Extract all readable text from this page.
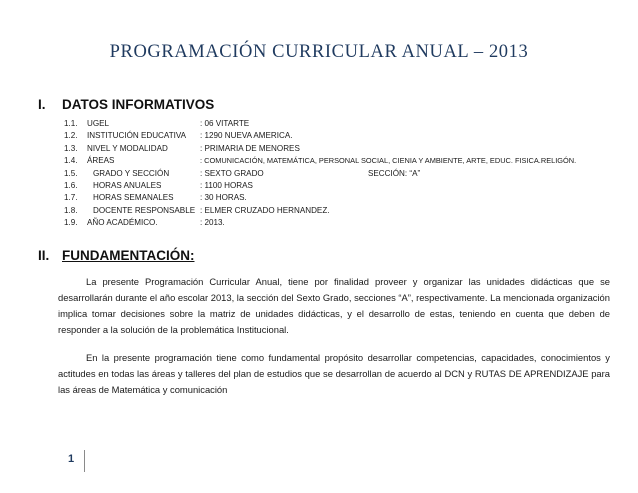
PROGRAMACIÓN CURRICULAR ANUAL – 2013
I. DATOS INFORMATIVOS
1.1. UGEL	: 06 VITARTE
1.2. INSTITUCIÓN EDUCATIVA : 1290 NUEVA AMERICA.
1.3. NIVEL Y MODALIDAD	: PRIMARIA DE MENORES
1.4. ÁREAS	: COMUNICACIÓN, MATEMÁTICA, PERSONAL SOCIAL, CIENIA Y AMBIENTE, ARTE, EDUC. FISICA.RELIGÓN.
1.5. GRADO Y SECCIÓN	: SEXTO GRADO	SECCIÓN: “A”
1.6. HORAS ANUALES	: 1100 HORAS
1.7. HORAS SEMANALES	: 30 HORAS.
1.8. DOCENTE RESPONSABLE : ELMER CRUZADO HERNANDEZ.
1.9. AÑO ACADÉMICO.	: 2013.
II. FUNDAMENTACIÓN:

La presente Programación Curricular Anual, tiene por finalidad proveer y organizar las unidades didácticas que se desarrollarán durante el año escolar 2013, la sección del Sexto Grado, secciones “A”, respectivamente. La mencionada organización implica tomar decisiones sobre la matriz de unidades didácticas, y el desarrollo de estas, teniendo en cuenta que deben de responder a la solución de la problemática Institucional.

En la presente programación tiene como fundamental propósito desarrollar competencias, capacidades, conocimientos y actitudes en todas las áreas y talleres del plan de estudios que se desarrollan de acuerdo al DCN y RUTAS DE APRENDIZAJE para las áreas de Matemática y comunicación

1
